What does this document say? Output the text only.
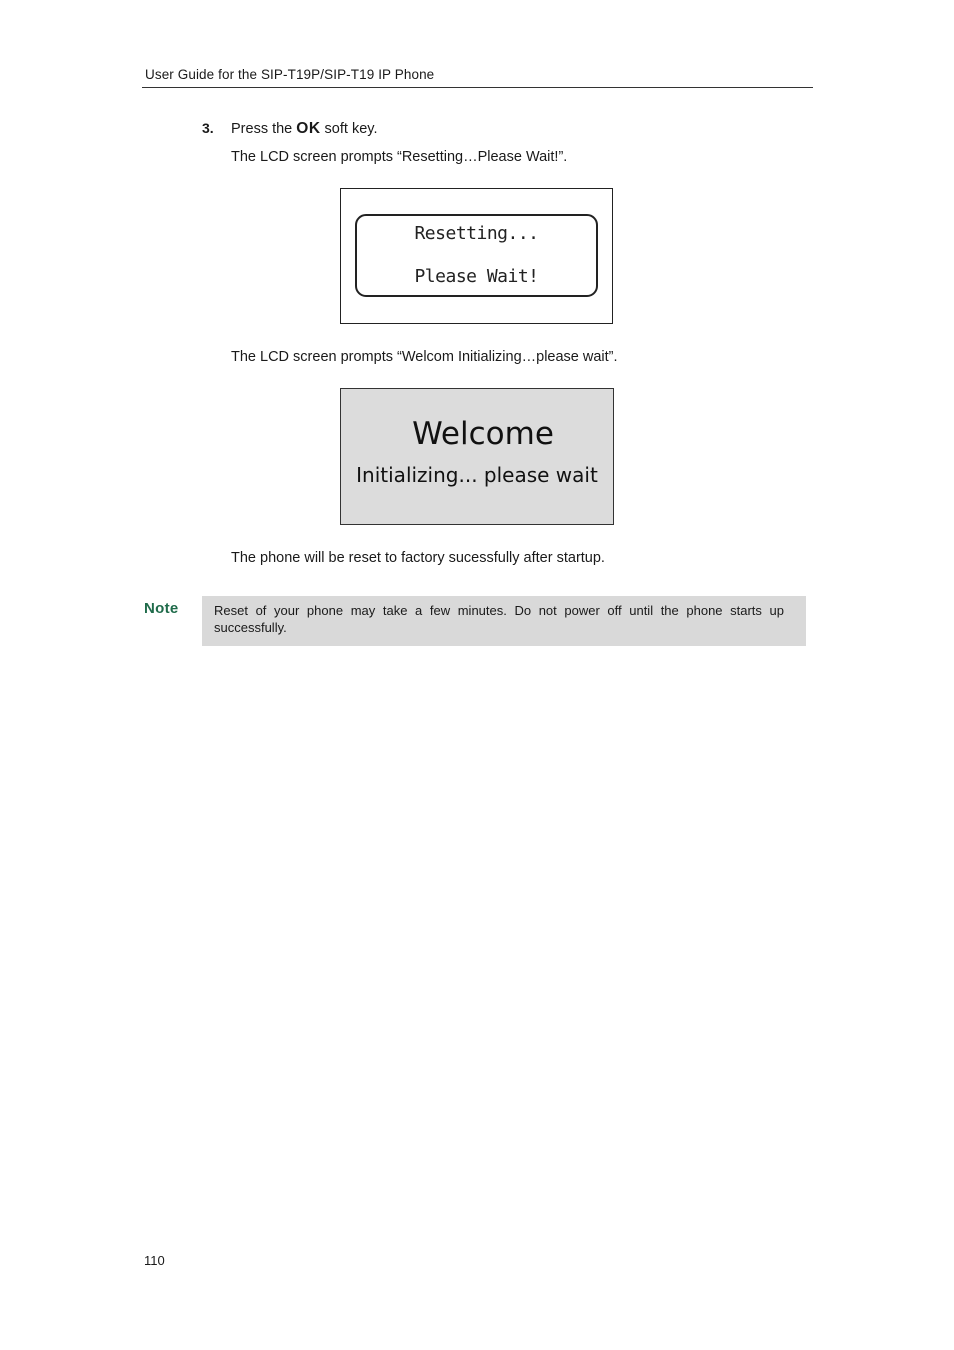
User Guide for the SIP-T19P/SIP-T19 IP Phone
3. Press the OK soft key.
The LCD screen prompts “Resetting…Please Wait!”.
Resetting...
Please Wait!
The LCD screen prompts “Welcom Initializing…please wait”.
Welcome
Initializing... please wait
The phone will be reset to factory sucessfully after startup.
Note	Reset of your phone may take a few minutes. Do not power off until the phone starts up successfully.
110
